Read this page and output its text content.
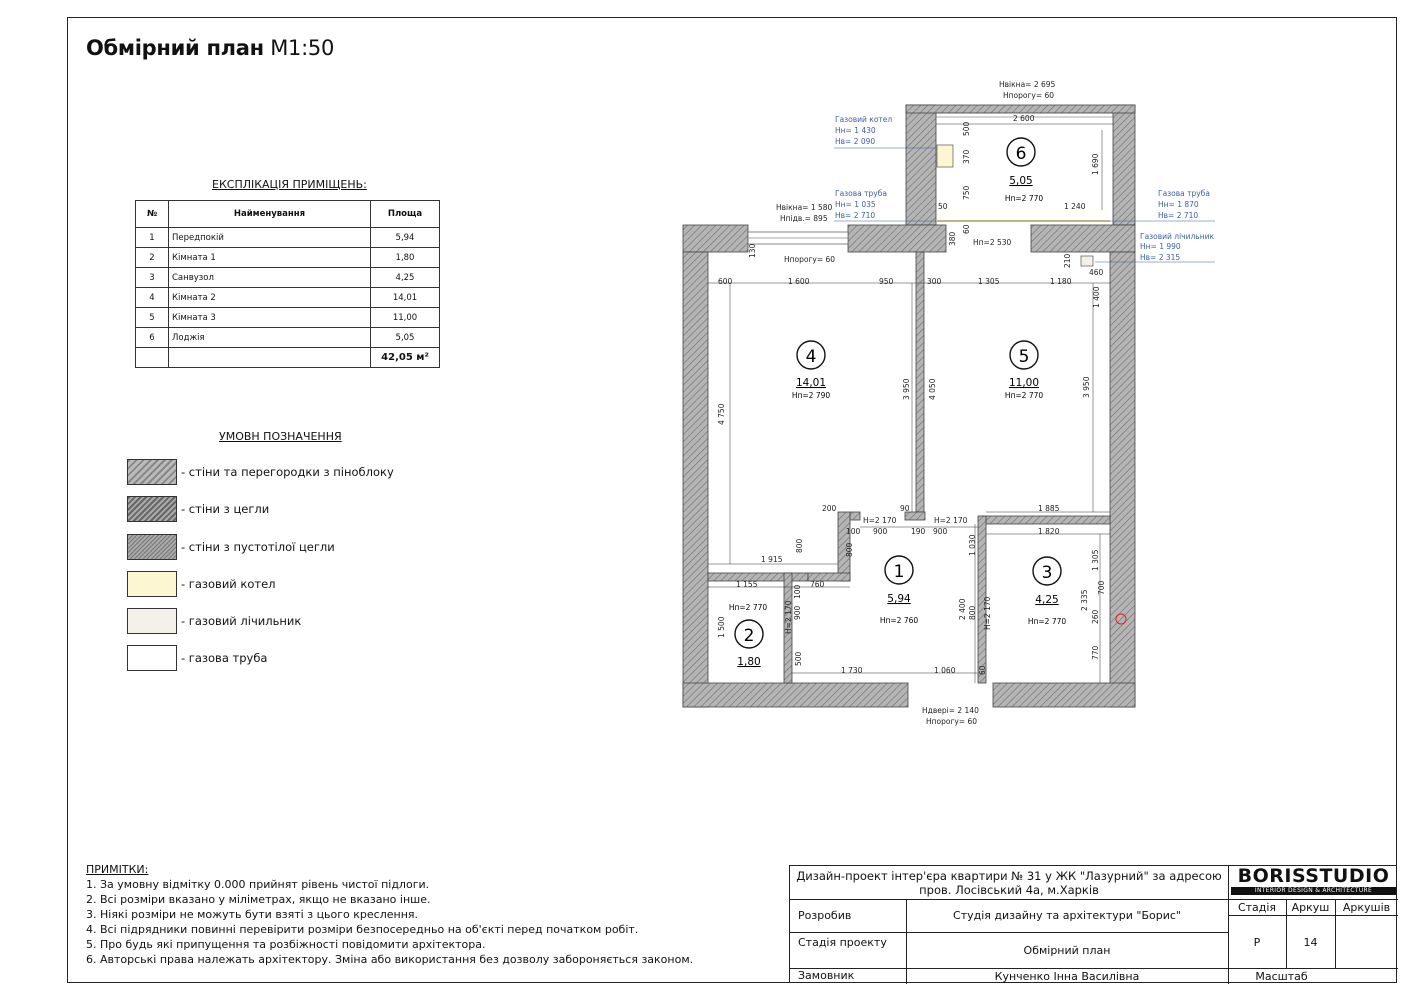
Обмірний план М1:50
ЕКСПЛІКАЦІЯ ПРИМІЩЕНЬ:
№	Найменування	Площа
1	Передпокій	5,94
2	Кімната 1	1,80
3	Санвузол	4,25
4	Кімната 2	14,01
5	Кімната 3	11,00
6	Лоджія	5,05
		42,05 м²
УМОВН ПОЗНАЧЕННЯ
- стіни та перегородки з піноблоку
- стіни з цегли
- стіни з пустотілої цегли
- газовий котел
- газовий лічильник
- газова труба
Газовий котел
Нн= 1 430
Нв= 2 090
Газова труба
Нн= 1 035
Нв= 2 710
Газова труба
Нн= 1 870
Нв= 2 710
Газовий лічильник
Нн= 1 990
Нв= 2 315
Нвікна= 2 695
Нпорогу= 60
Нвікна= 1 580
Нпідв.= 895
Нпорогу= 60
Ндвері= 2 140
Нпорогу= 60
Нп=2 530
1
5,94
Нп=2 760
2
1,80
Нп=2 770
3
4,25
Нп=2 770
4
14,01
Нп=2 790
5
11,00
Нп=2 770
6
5,05
Нп=2 770
2 600
500
370
750
1 690
1 240
50
60
380
130
600	1 600	950	300	1 305	1 180
210
460
1 400
4 750
3 950 4 050	3 950
200	90	1 885
1 820
H=2 170	H=2 170
100 900	190 900
800	800
1 915
1 030
1 305
1 155	760
100
900
H=2 170	2 400 800 H=2 170	2 335
700
260
1 500
500
1 730	1 060	60
770
ПРИМІТКИ:
1. За умовну відмітку 0.000 прийнят рівень чистої підлоги.
2. Всі розміри вказано у міліметрах, якщо не вказано інше.
3. Ніякі розміри не можуть бути взяті з цього креслення.
4. Всі підрядники повинні перевірити розміри безпосередньо на об'єкті перед початком робіт.
5. Про будь які припущення та розбіжності повідомити архітектора.
6. Авторські права належать архітектору. Зміна або використання без дозволу забороняється законом.
Дизайн-проект інтер'єра квартири № 31 у ЖК "Лазурний" за адресою пров. Лосівський 4а, м.Харків
BORISSTUDIO
INTERIOR DESIGN & ARCHITECTURE
Стадія	Аркуш	Аркушів
Р	14
Розробив	Студія дизайну та архітектури "Борис"
Стадія проекту
Обмірний план
Замовник	Кунченко Інна Василівна	Масштаб
